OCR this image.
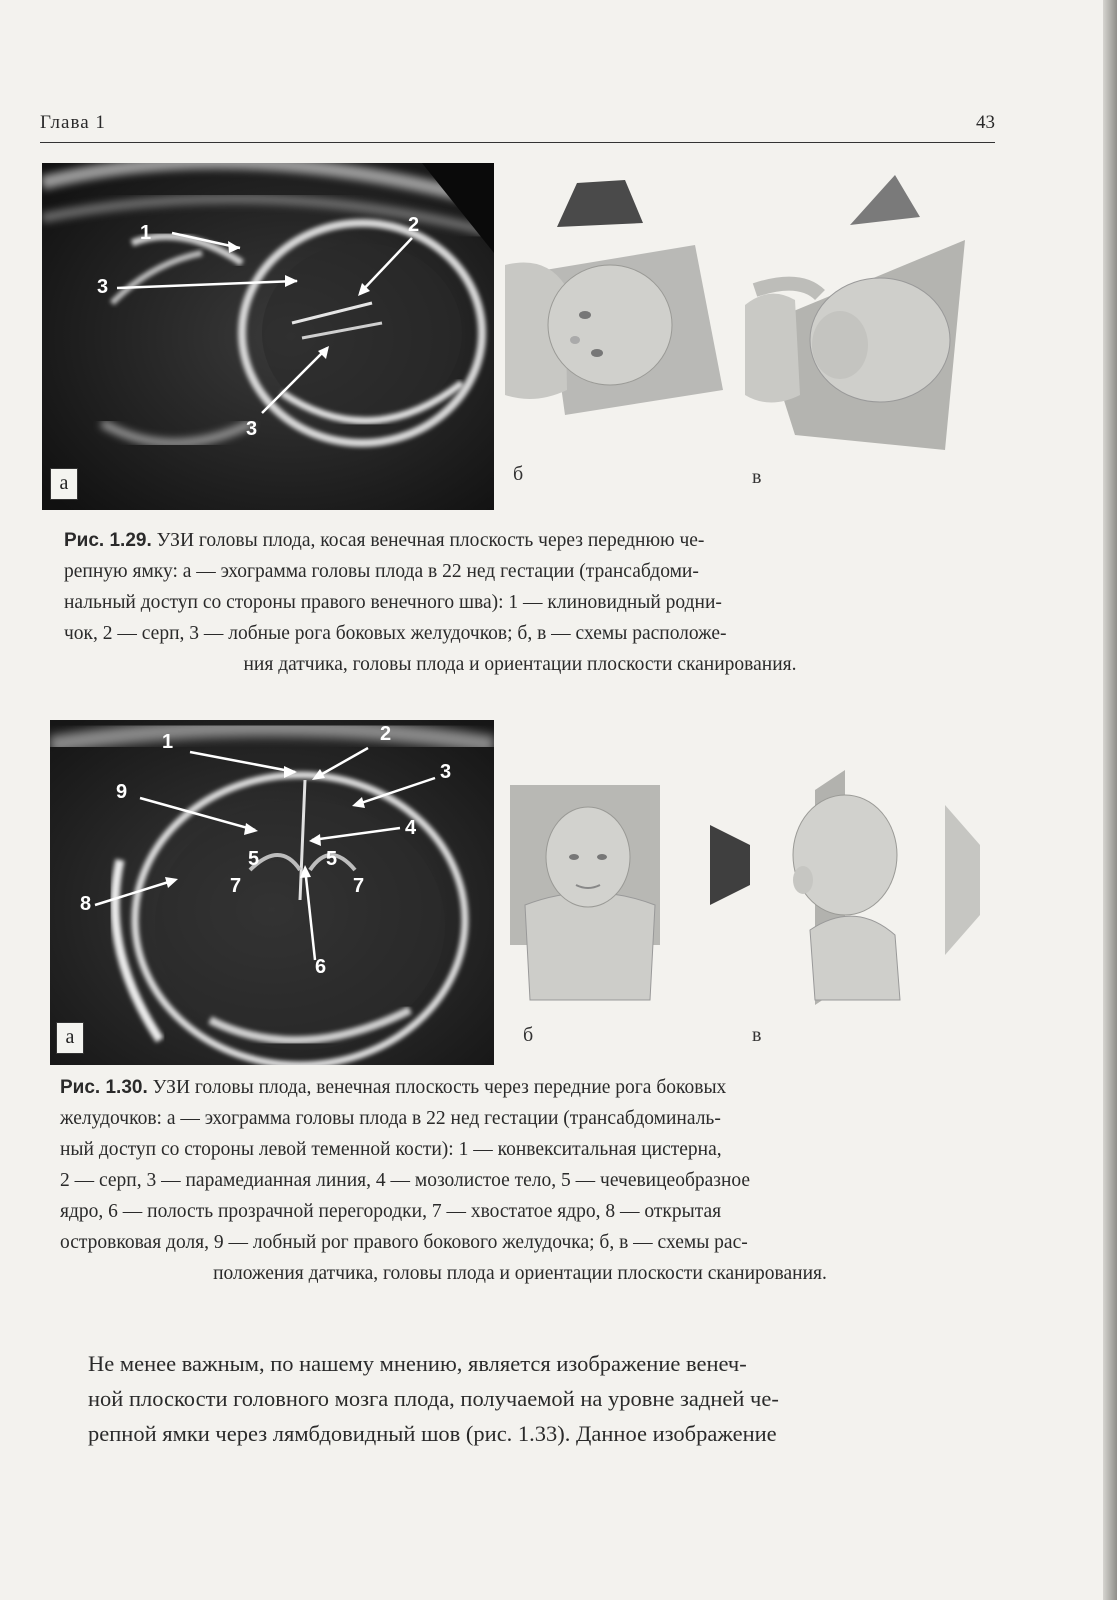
Глава 1	43
1
3
2
3
а	б	в
Рис. 1.29. УЗИ головы плода, косая венечная плоскость через переднюю че-
репную ямку: а — эхограмма головы плода в 22 нед гестации (трансабдоми-
нальный доступ со стороны правого венечного шва): 1 — клиновидный родни-
чок, 2 — серп, 3 — лобные рога боковых желудочков; б, в — схемы расположе-

ния датчика, головы плода и ориентации плоскости сканирования.
1	2
3
4
9
5	5
7	7
8
6
а	б	в
Рис. 1.30. УЗИ головы плода, венечная плоскость через передние рога боковых
желудочков: а — эхограмма головы плода в 22 нед гестации (трансабдоминаль-
ный доступ со стороны левой теменной кости): 1 — конвекситальная цистерна,
2 — серп, 3 — парамедианная линия, 4 — мозолистое тело, 5 — чечевицеобразное
ядро, 6 — полость прозрачной перегородки, 7 — хвостатое ядро, 8 — открытая
островковая доля, 9 — лобный рог правого бокового желудочка; б, в — схемы рас-

положения датчика, головы плода и ориентации плоскости сканирования.
Не менее важным, по нашему мнению, является изображение венеч-
ной плоскости головного мозга плода, получаемой на уровне задней че-
репной ямки через лямбдовидный шов (рис. 1.33). Данное изображение
